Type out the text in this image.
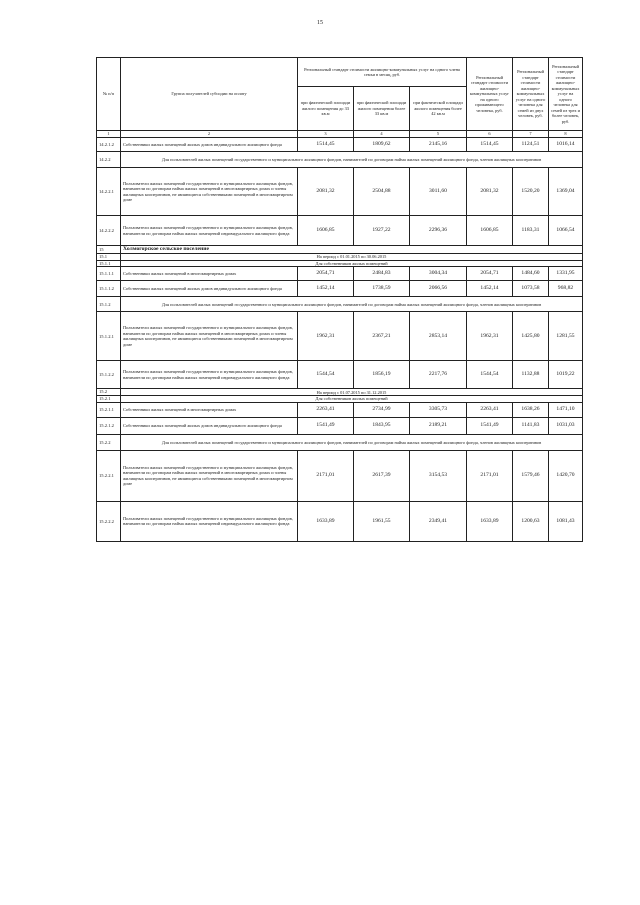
15
№ п/п	Группа получателей субсидии на оплату	Региональный стандарт стоимости жилищно-коммунальных услуг на одного члена семьи в месяц, руб.			Региональный стандарт стоимости жилищно-коммунальных услуг на одного проживающего человека, руб.	Региональный стандарт стоимости жилищно-коммунальных услуг на одного человека для семей из двух человек, руб.	Региональный стандарт стоимости жилищно-коммунальных услуг на одного человека для семей из трех и более человек, руб.
		при фактической площади жилого помещения до 33 кв.м	при фактической площади жилого помещения более 33 кв.м	при фактической площади жилого помещения более 42 кв.м			
1	2	3	4	5	6	7	8
14.2.1.2	Собственники жилых помещений жилых домов индивидуального жилищного фонда	1514,45	1809,62	2145,16	1514,45	1124,51	1016,14
14.2.2	Для пользователей жилых помещений государственного и муниципального жилищного фондов, нанимателей по договорам найма жилых помещений жилищного фонда, членов жилищных кооперативов						
14.2.2.1	Пользователи жилых помещений государственного и муниципального жилищных фондов, наниматели по договорам найма жилых помещений в многоквартирных домах и члены жилищных кооперативов, не являющиеся собственниками помещений в многоквартирном доме	2081,32	2504,88	3011,60	2081,32	1520,20	1369,04
14.2.2.2	Пользователи жилых помещений государственного и муниципального жилищных фондов, наниматели по договорам найма жилых помещений индивидуального жилищного фонда	1606,85	1927,22	2296,36	1606,85	1183,31	1066,54
15	Холмогорское сельское поселение						
15.1	На период с 01.01.2015 по 30.06.2015						
15.1.1	Для собственников жилых помещений						
15.1.1.1	Собственники жилых помещений в многоквартирных домах	2054,71	2484,83	3004,34	2054,71	1484,60	1331,95
15.1.1.2	Собственники жилых помещений жилых домов индивидуального жилищного фонда	1452,14	1738,59	2066,56	1452,14	1073,58	968,82
15.1.2	Для пользователей жилых помещений государственного и муниципального жилищного фондов, нанимателей по договорам найма жилых помещений жилищного фонда, членов жилищных кооперативов						
15.1.2.1	Пользователи жилых помещений государственного и муниципального жилищных фондов, наниматели по договорам найма жилых помещений в многоквартирных домах и члены жилищных кооперативов, не являющиеся собственниками помещений в многоквартирном доме	1962,31	2367,21	2853,14	1962,31	1425,80	1281,55
15.1.2.2	Пользователи жилых помещений государственного и муниципального жилищных фондов, наниматели по договорам найма жилых помещений индивидуального жилищного фонда	1544,54	1856,19	2217,76	1544,54	1132,88	1019,22
15.2	На период с 01.07.2015 по 31.12.2015						
15.2.1	Для собственников жилых помещений						
15.2.1.1	Собственники жилых помещений в многоквартирных домах	2263,41	2734,99	3305,73	2263,41	1638,26	1471,10
15.2.1.2	Собственники жилых помещений жилых домов индивидуального жилищного фонда	1541,49	1843,95	2189,21	1541,49	1141,83	1031,03
15.2.2	Для пользователей жилых помещений государственного и муниципального жилищного фондов, нанимателей по договорам найма жилых помещений жилищного фонда, членов жилищных кооперативов						
15.2.2.1	Пользователи жилых помещений государственного и муниципального жилищных фондов, наниматели по договорам найма жилых помещений в многоквартирных домах и члены жилищных кооперативов, не являющиеся собственниками помещений в многоквартирном доме	2171,01	2617,39	3154,53	2171,01	1579,46	1420,70
15.2.2.2	Пользователи жилых помещений государственного и муниципального жилищных фондов, наниматели по договорам найма жилых помещений индивидуального жилищного фонда	1633,89	1961,55	2349,41	1633,89	1200,63	1081,43
